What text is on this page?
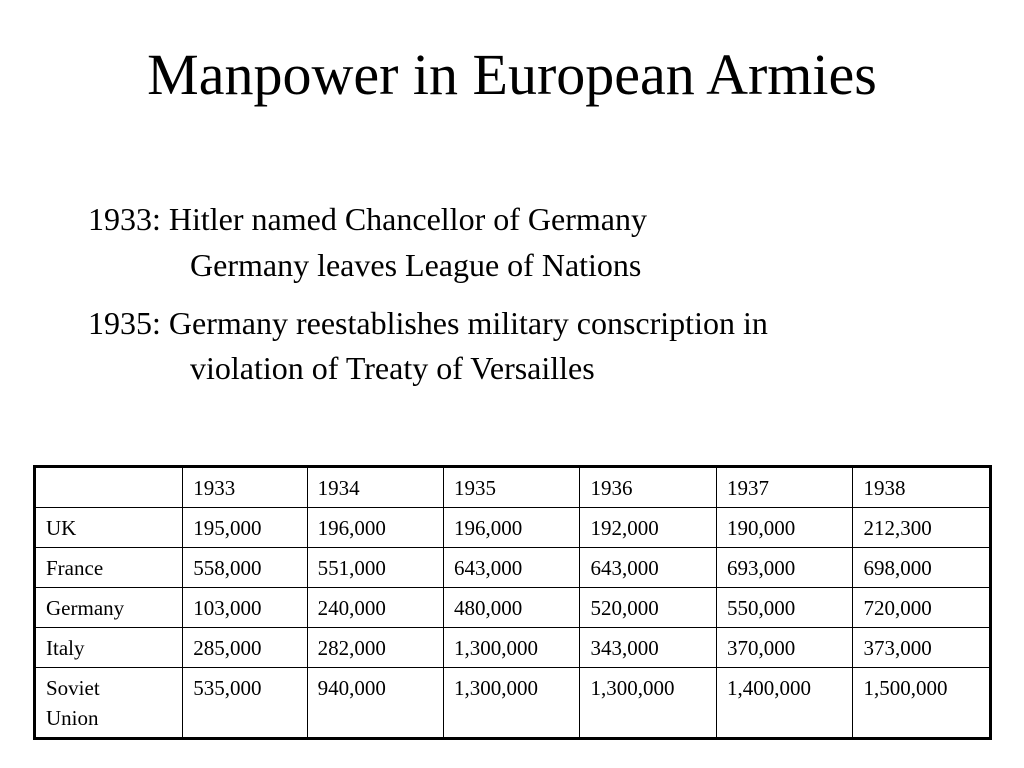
Manpower in European Armies
1933: Hitler named Chancellor of Germany
Germany leaves League of Nations
1935: Germany reestablishes military conscription in
violation of Treaty of Versailles
	1933	1934	1935	1936	1937	1938
UK	195,000	196,000	196,000	192,000	190,000	212,300
France	558,000	551,000	643,000	643,000	693,000	698,000
Germany	103,000	240,000	480,000	520,000	550,000	720,000
Italy	285,000	282,000	1,300,000	343,000	370,000	373,000

Soviet
Union	535,000	940,000	1,300,000	1,300,000	1,400,000	1,500,000
